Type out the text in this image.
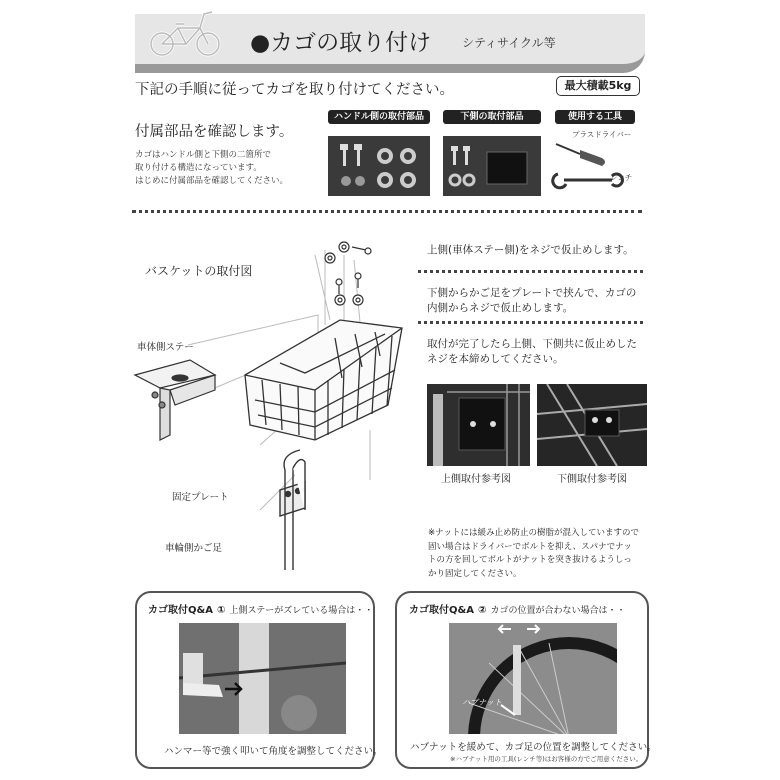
●カゴの取り付け	シティサイクル等
下記の手順に従ってカゴを取り付けてください。	最大積載5kg
付属部品を確認します。
カゴはハンドル側と下側の二箇所で
取り付ける構造になっています。
はじめに付属部品を確認してください。
ハンドル側の取付部品	下側の取付部品	使用する工具
プラスドライバー
レンチ
バスケットの取付図
車体側ステー
固定プレート
車輪側かご足
上側(車体ステー側)をネジで仮止めします。
下側からかご足をプレートで挟んで、カゴの
内側からネジで仮止めします。
取付が完了したら上側、下側共に仮止めした
ネジを本締めしてください。
上側取付参考図	下側取付参考図
※ナットには緩み止め防止の樹脂が混入していますので
固い場合はドライバーでボルトを抑え、スパナでナッ
トの方を回してボルトがナットを突き抜けるようしっ
かり固定してください。
カゴ取付Q&A ① 上側ステーがズレている場合は・・
ハンマー等で強く叩いて角度を調整してください。
カゴ取付Q&A ② カゴの位置が合わない場合は・・
ハブナット
ハブナットを緩めて、カゴ足の位置を調整してください。
※ハブナット用の工具(レンチ等)はお客様の方でご用意ください。
